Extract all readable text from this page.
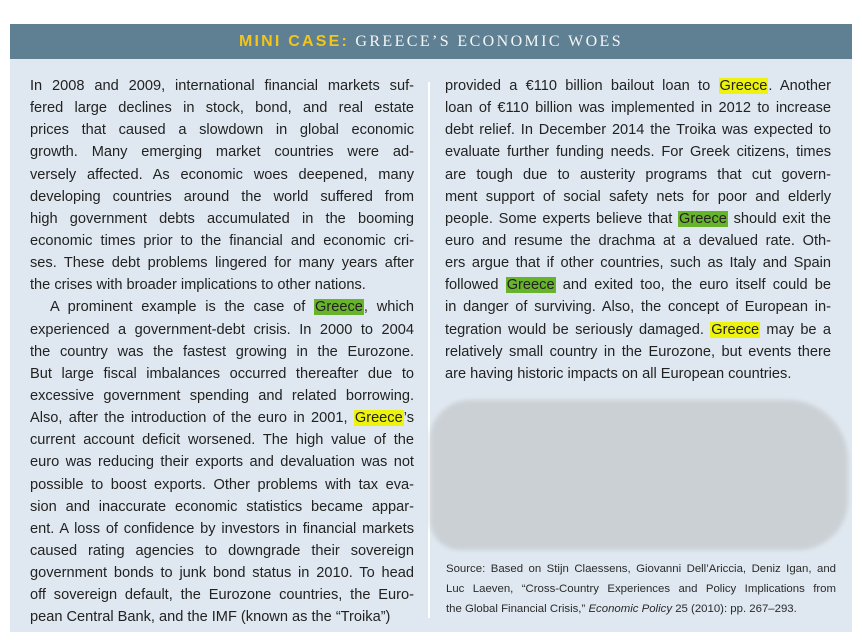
MINI CASE: GREECE’S ECONOMIC WOES
In 2008 and 2009, international financial markets suf-
fered large declines in stock, bond, and real estate
prices that caused a slowdown in global economic
growth. Many emerging market countries were ad-
versely affected. As economic woes deepened, many
developing countries around the world suffered from
high government debts accumulated in the booming
economic times prior to the financial and economic cri-
ses. These debt problems lingered for many years after
the crises with broader implications to other nations.
A prominent example is the case of Greece, which
experienced a government-debt crisis. In 2000 to 2004
the country was the fastest growing in the Eurozone.
But large fiscal imbalances occurred thereafter due to
excessive government spending and related borrowing.
Also, after the introduction of the euro in 2001, Greece’s
current account deficit worsened. The high value of the
euro was reducing their exports and devaluation was not
possible to boost exports. Other problems with tax eva-
sion and inaccurate economic statistics became appar-
ent. A loss of confidence by investors in financial markets
caused rating agencies to downgrade their sovereign
government bonds to junk bond status in 2010. To head
off sovereign default, the Eurozone countries, the Euro-
pean Central Bank, and the IMF (known as the “Troika”)
provided a €110 billion bailout loan to Greece. Another
loan of €110 billion was implemented in 2012 to increase
debt relief. In December 2014 the Troika was expected to
evaluate further funding needs. For Greek citizens, times
are tough due to austerity programs that cut govern-
ment support of social safety nets for poor and elderly
people. Some experts believe that Greece should exit the
euro and resume the drachma at a devalued rate. Oth-
ers argue that if other countries, such as Italy and Spain
followed Greece and exited too, the euro itself could be
in danger of surviving. Also, the concept of European in-
tegration would be seriously damaged. Greece may be a
relatively small country in the Eurozone, but events there
are having historic impacts on all European countries.
Source: Based on Stijn Claessens, Giovanni Dell’Ariccia, Deniz Igan, and
Luc Laeven, “Cross-Country Experiences and Policy Implications from
the Global Financial Crisis,” Economic Policy 25 (2010): pp. 267–293.
